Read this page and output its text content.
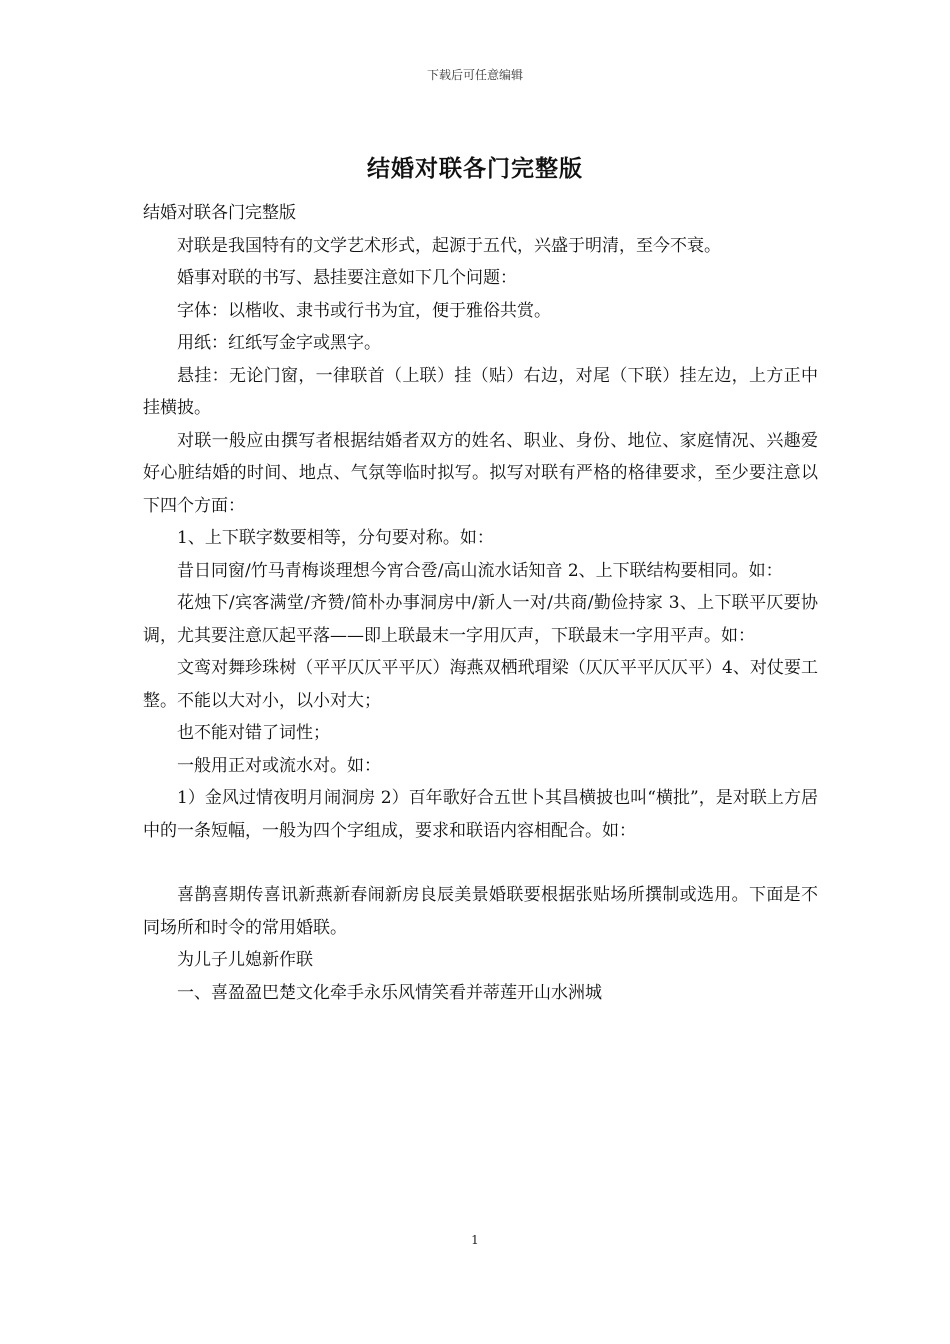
下载后可任意编辑
结婚对联各门完整版

结婚对联各门完整版

对联是我国特有的文学艺术形式，起源于五代，兴盛于明清，至今不衰。

婚事对联的书写、悬挂要注意如下几个问题：

字体：以楷收、隶书或行书为宜，便于雅俗共赏。

用纸：红纸写金字或黑字。

悬挂：无论门窗，一律联首（上联）挂（贴）右边，对尾（下联）挂左边，上方正中挂横披。

对联一般应由撰写者根据结婚者双方的姓名、职业、身份、地位、家庭情况、兴趣爱好心脏结婚的时间、地点、气氛等临时拟写。拟写对联有严格的格律要求，至少要注意以下四个方面：

1、上下联字数要相等，分句要对称。如：

昔日同窗/竹马青梅谈理想今宵合卺/高山流水话知音 2、上下联结构要相同。如：

花烛下/宾客满堂/齐赞/简朴办事洞房中/新人一对/共商/勤俭持家 3、上下联平仄要协调，尤其要注意仄起平落——即上联最末一字用仄声，下联最末一字用平声。如：

文鸾对舞珍珠树（平平仄仄平平仄）海燕双栖玳瑁梁（仄仄平平仄仄平）4、对仗要工整。不能以大对小，以小对大；

也不能对错了词性；

一般用正对或流水对。如：

1）金风过情夜明月闹洞房 2）百年歌好合五世卜其昌横披也叫“横批”，是对联上方居中的一条短幅，一般为四个字组成，要求和联语内容相配合。如：

喜鹊喜期传喜讯新燕新春闹新房良辰美景婚联要根据张贴场所撰制或选用。下面是不同场所和时令的常用婚联。

为儿子儿媳新作联

一、喜盈盈巴楚文化牵手永乐风情笑看并蒂莲开山水洲城

1
